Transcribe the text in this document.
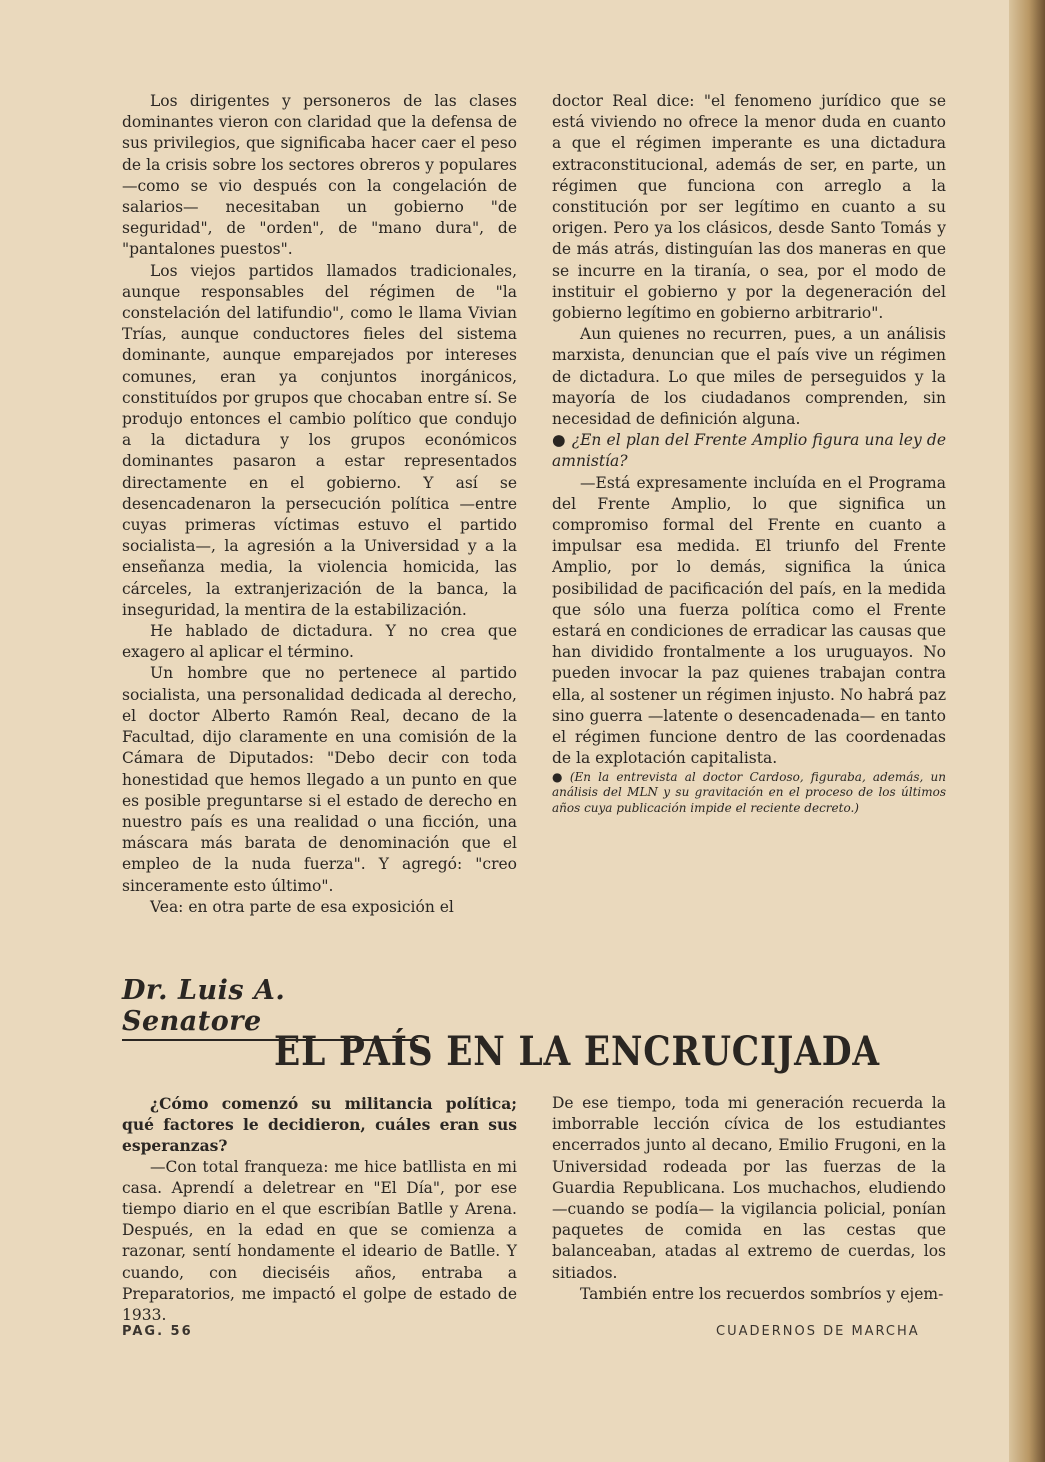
Los dirigentes y personeros de las clases dominantes vieron con claridad que la defensa de sus privilegios, que significaba hacer caer el peso de la crisis sobre los sectores obreros y populares —como se vio después con la congelación de salarios— necesitaban un gobierno "de seguridad", de "orden", de "mano dura", de "pantalones puestos".

Los viejos partidos llamados tradicionales, aunque responsables del régimen de "la constelación del latifundio", como le llama Vivian Trías, aunque conductores fieles del sistema dominante, aunque emparejados por intereses comunes, eran ya conjuntos inorgánicos, constituídos por grupos que chocaban entre sí. Se produjo entonces el cambio político que condujo a la dictadura y los grupos económicos dominantes pasaron a estar representados directamente en el gobierno. Y así se desencadenaron la persecución política —entre cuyas primeras víctimas estuvo el partido socialista—, la agresión a la Universidad y a la enseñanza media, la violencia homicida, las cárceles, la extranjerización de la banca, la inseguridad, la mentira de la estabilización.

He hablado de dictadura. Y no crea que exagero al aplicar el término.

Un hombre que no pertenece al partido socialista, una personalidad dedicada al derecho, el doctor Alberto Ramón Real, decano de la Facultad, dijo claramente en una comisión de la Cámara de Diputados: "Debo decir con toda honestidad que hemos llegado a un punto en que es posible preguntarse si el estado de derecho en nuestro país es una realidad o una ficción, una máscara más barata de denominación que el empleo de la nuda fuerza". Y agregó: "creo sinceramente esto último".

Vea: en otra parte de esa exposición el

doctor Real dice: "el fenomeno jurídico que se está viviendo no ofrece la menor duda en cuanto a que el régimen imperante es una dictadura extraconstitucional, además de ser, en parte, un régimen que funciona con arreglo a la constitución por ser legítimo en cuanto a su origen. Pero ya los clásicos, desde Santo Tomás y de más atrás, distinguían las dos maneras en que se incurre en la tiranía, o sea, por el modo de instituir el gobierno y por la degeneración del gobierno legítimo en gobierno arbitrario".

Aun quienes no recurren, pues, a un análisis marxista, denuncian que el país vive un régimen de dictadura. Lo que miles de perseguidos y la mayoría de los ciudadanos comprenden, sin necesidad de definición alguna.

● ¿En el plan del Frente Amplio figura una ley de amnistía?

—Está expresamente incluída en el Programa del Frente Amplio, lo que significa un compromiso formal del Frente en cuanto a impulsar esa medida. El triunfo del Frente Amplio, por lo demás, significa la única posibilidad de pacificación del país, en la medida que sólo una fuerza política como el Frente estará en condiciones de erradicar las causas que han dividido frontalmente a los uruguayos. No pueden invocar la paz quienes trabajan contra ella, al sostener un régimen injusto. No habrá paz sino guerra —latente o desencadenada— en tanto el régimen funcione dentro de las coordenadas de la explotación capitalista.

● (En la entrevista al doctor Cardoso, figuraba, además, un análisis del MLN y su gravitación en el proceso de los últimos años cuya publicación impide el reciente decreto.)

Dr. Luis A. Senatore
EL PAÍS EN LA ENCRUCIJADA

¿Cómo comenzó su militancia política; qué factores le decidieron, cuáles eran sus esperanzas?

—Con total franqueza: me hice batllista en mi casa. Aprendí a deletrear en "El Día", por ese tiempo diario en el que escribían Batlle y Arena. Después, en la edad en que se comienza a razonar, sentí hondamente el ideario de Batlle. Y cuando, con dieciséis años, entraba a Preparatorios, me impactó el golpe de estado de 1933.

De ese tiempo, toda mi generación recuerda la imborrable lección cívica de los estudiantes encerrados junto al decano, Emilio Frugoni, en la Universidad rodeada por las fuerzas de la Guardia Republicana. Los muchachos, eludiendo —cuando se podía— la vigilancia policial, ponían paquetes de comida en las cestas que balanceaban, atadas al extremo de cuerdas, los sitiados.

También entre los recuerdos sombríos y ejem-

PAG. 56	CUADERNOS DE MARCHA
